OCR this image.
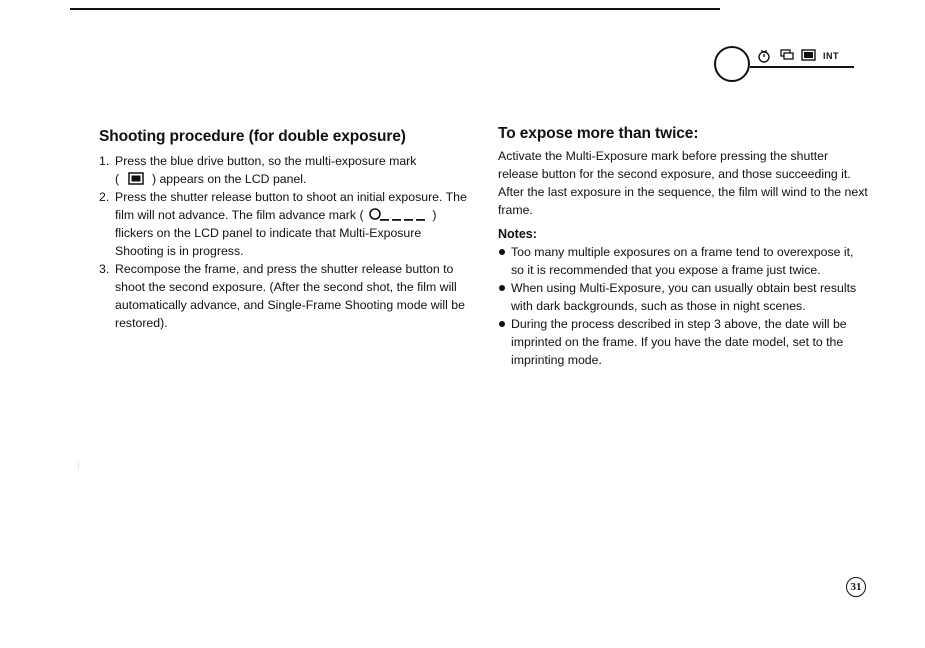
INT
Shooting procedure (for double exposure)
1. Press the blue drive button, so the multi-exposure mark
(	) appears on the LCD panel.
2. Press the shutter release button to shoot an initial exposure. The film will not advance. The film advance mark (	) flickers on the LCD panel to indicate that Multi-Exposure Shooting is in progress.
3. Recompose the frame, and press the shutter release button to shoot the second exposure. (After the second shot, the film will automatically advance, and Single-Frame Shooting mode will be restored).
To expose more than twice:

Activate the Multi-Exposure mark before pressing the shutter release button for the second exposure, and those succeeding it. After the last exposure in the sequence, the film will wind to the next frame.

Notes:
Too many multiple exposures on a frame tend to overexpose it, so it is recommended that you expose a frame just twice.
When using Multi-Exposure, you can usually obtain best results with dark backgrounds, such as those in night scenes.
During the process described in step 3 above, the date will be imprinted on the frame. If you have the date model, set to the imprinting mode.
31
